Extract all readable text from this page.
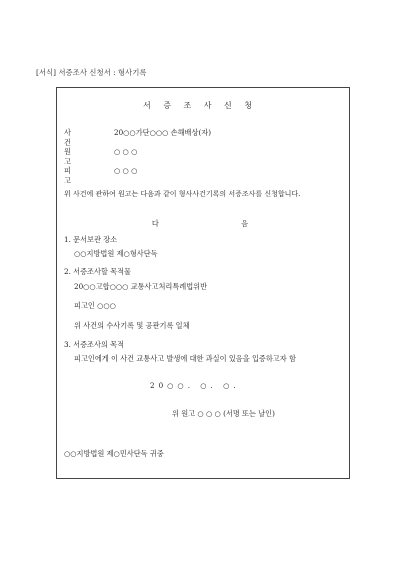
[서식] 서증조사 신청서 : 형사기록
서 증 조 사 신 청
사 건
20○○가단○○○ 손해배상(자)
원 고
○ ○ ○
피 고
○ ○ ○
위 사건에 관하여 원고는 다음과 같이 형사사건기록의 서증조사를 신청합니다.
다 음
1. 문서보관 장소
○○지방법원 제○형사단독
2. 서증조사할 목적물
20○○고합○○○ 교통사고처리특례법위반
피고인 ○○○
위 사건의 수사기록 및 공판기록 일체
3. 서증조사의 목적
피고인에게 이 사건 교통사고 발생에 대한 과실이 있음을 입증하고자 함
20○○. ○. ○.
위 원고 ○ ○ ○ (서명 또는 날인)
○○지방법원 제○민사단독 귀중
